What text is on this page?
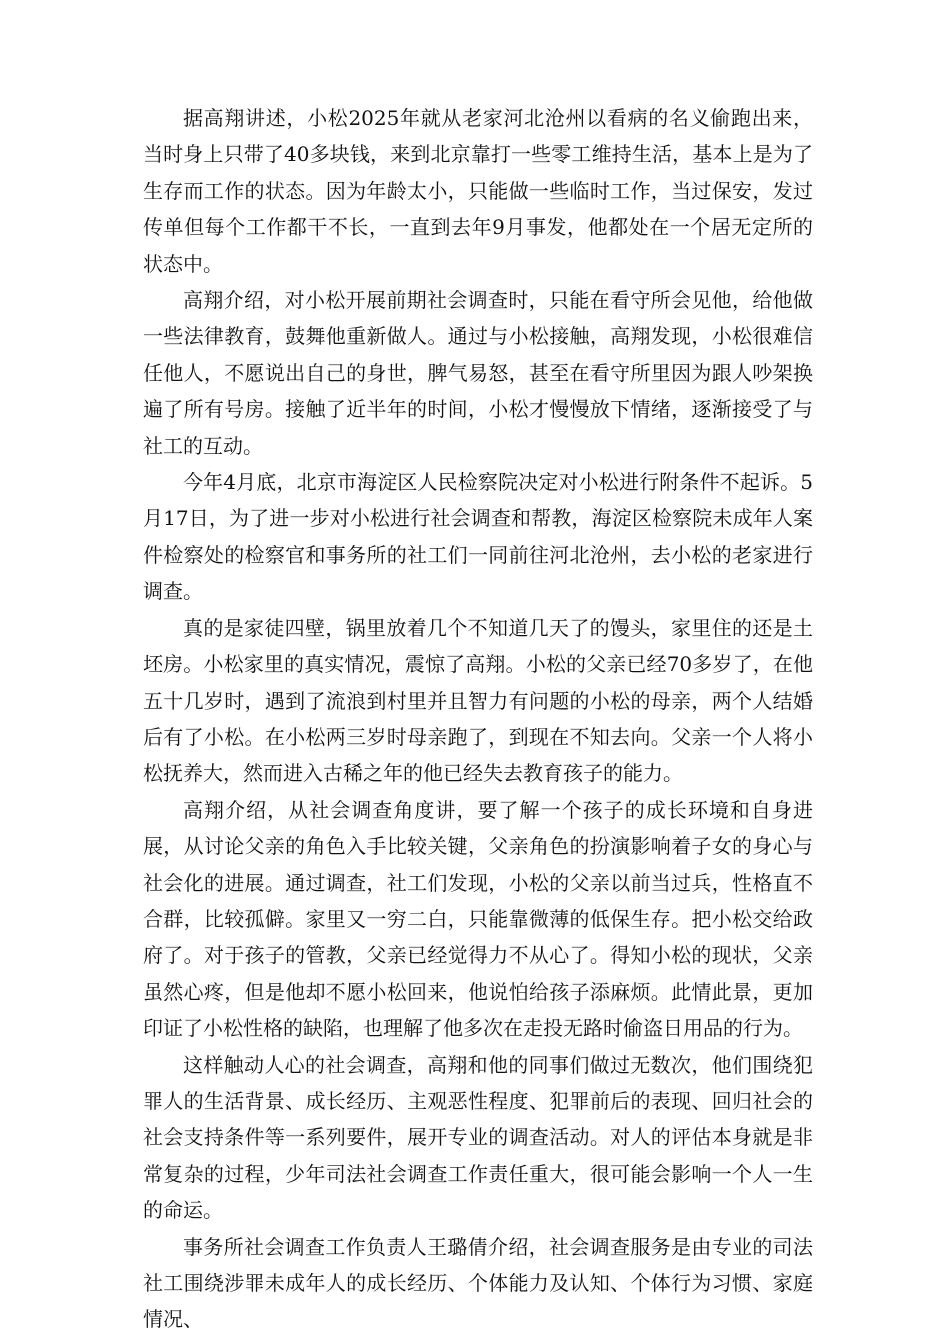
据高翔讲述，小松2025年就从老家河北沧州以看病的名义偷跑出来，当时身上只带了40多块钱，来到北京靠打一些零工维持生活，基本上是为了生存而工作的状态。因为年龄太小，只能做一些临时工作，当过保安，发过传单但每个工作都干不长，一直到去年9月事发，他都处在一个居无定所的状态中。

高翔介绍，对小松开展前期社会调查时，只能在看守所会见他，给他做一些法律教育，鼓舞他重新做人。通过与小松接触，高翔发现，小松很难信任他人，不愿说出自己的身世，脾气易怒，甚至在看守所里因为跟人吵架换遍了所有号房。接触了近半年的时间，小松才慢慢放下情绪，逐渐接受了与社工的互动。

今年4月底，北京市海淀区人民检察院决定对小松进行附条件不起诉。5月17日，为了进一步对小松进行社会调查和帮教，海淀区检察院未成年人案件检察处的检察官和事务所的社工们一同前往河北沧州，去小松的老家进行调查。

真的是家徒四壁，锅里放着几个不知道几天了的馒头，家里住的还是土坯房。小松家里的真实情况，震惊了高翔。小松的父亲已经70多岁了，在他五十几岁时，遇到了流浪到村里并且智力有问题的小松的母亲，两个人结婚后有了小松。在小松两三岁时母亲跑了，到现在不知去向。父亲一个人将小松抚养大，然而进入古稀之年的他已经失去教育孩子的能力。

高翔介绍，从社会调查角度讲，要了解一个孩子的成长环境和自身进展，从讨论父亲的角色入手比较关键，父亲角色的扮演影响着子女的身心与社会化的进展。通过调查，社工们发现，小松的父亲以前当过兵，性格直不合群，比较孤僻。家里又一穷二白，只能靠微薄的低保生存。把小松交给政府了。对于孩子的管教，父亲已经觉得力不从心了。得知小松的现状，父亲虽然心疼，但是他却不愿小松回来，他说怕给孩子添麻烦。此情此景，更加印证了小松性格的缺陷，也理解了他多次在走投无路时偷盗日用品的行为。

这样触动人心的社会调查，高翔和他的同事们做过无数次，他们围绕犯罪人的生活背景、成长经历、主观恶性程度、犯罪前后的表现、回归社会的社会支持条件等一系列要件，展开专业的调查活动。对人的评估本身就是非常复杂的过程，少年司法社会调查工作责任重大，很可能会影响一个人一生的命运。

事务所社会调查工作负责人王璐倩介绍，社会调查服务是由专业的司法社工围绕涉罪未成年人的成长经历、个体能力及认知、个体行为习惯、家庭情况、
